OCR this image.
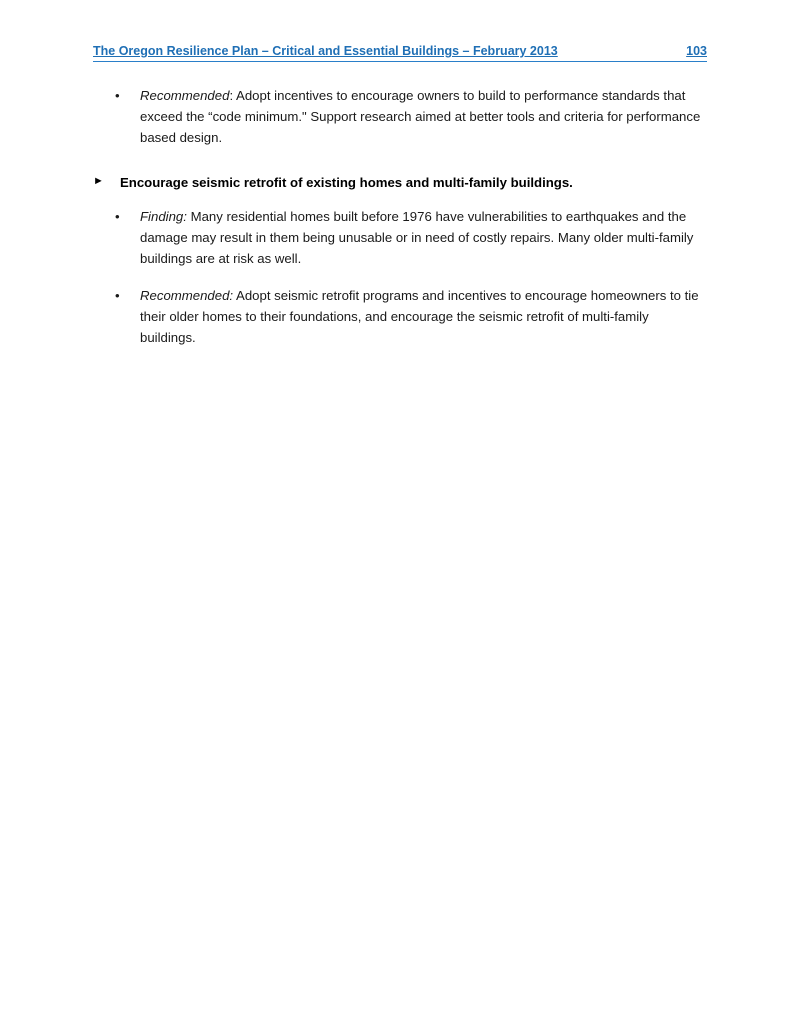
The Oregon Resilience Plan – Critical and Essential Buildings – February 2013	103
• Recommended: Adopt incentives to encourage owners to build to performance standards that exceed the “code minimum." Support research aimed at better tools and criteria for performance based design.
► Encourage seismic retrofit of existing homes and multi-family buildings.
• Finding: Many residential homes built before 1976 have vulnerabilities to earthquakes and the damage may result in them being unusable or in need of costly repairs. Many older multi-family buildings are at risk as well.
• Recommended: Adopt seismic retrofit programs and incentives to encourage homeowners to tie their older homes to their foundations, and encourage the seismic retrofit of multi-family buildings.
